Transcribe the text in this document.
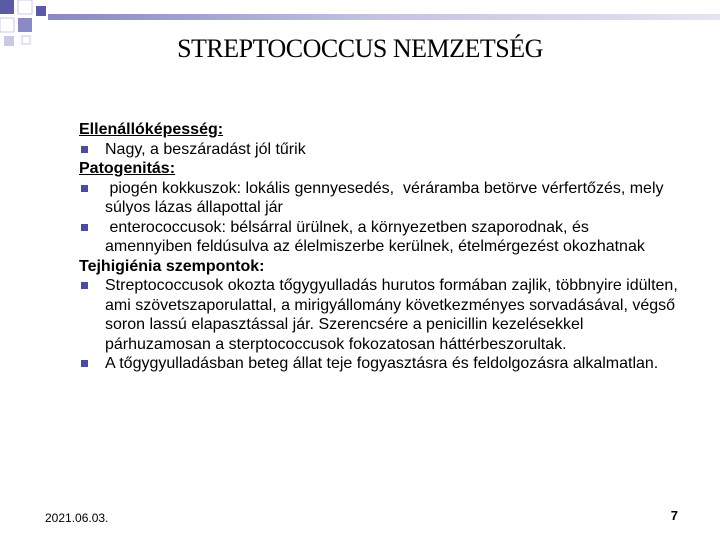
STREPTOCOCCUS NEMZETSÉG
Ellenállóképesség:
Nagy, a beszáradást jól tűrik
Patogenitás:
piogén kokkuszok: lokális gennyesedés,  véráramba betörve vérfertőzés, mely súlyos lázas állapottal jár
enterococcusok: bélsárral ürülnek, a környezetben szaporodnak, és amennyiben feldúsulva az élelmiszerbe kerülnek, ételmérgezést okozhatnak
Tejhigiénia szempontok:
Streptococcusok okozta tőgygyulladás hurutos formában zajlik, többnyire idülten, ami szövetszaporulattal, a mirigyállomány következményes sorvadásával, végső soron lassú elapasztással jár. Szerencsére a penicillin kezelésekkel párhuzamosan a sterptococcusok fokozatosan háttérbeszorultak.
A tőgygyulladásban beteg állat teje fogyasztásra és feldolgozásra alkalmatlan.
2021.06.03.	7
